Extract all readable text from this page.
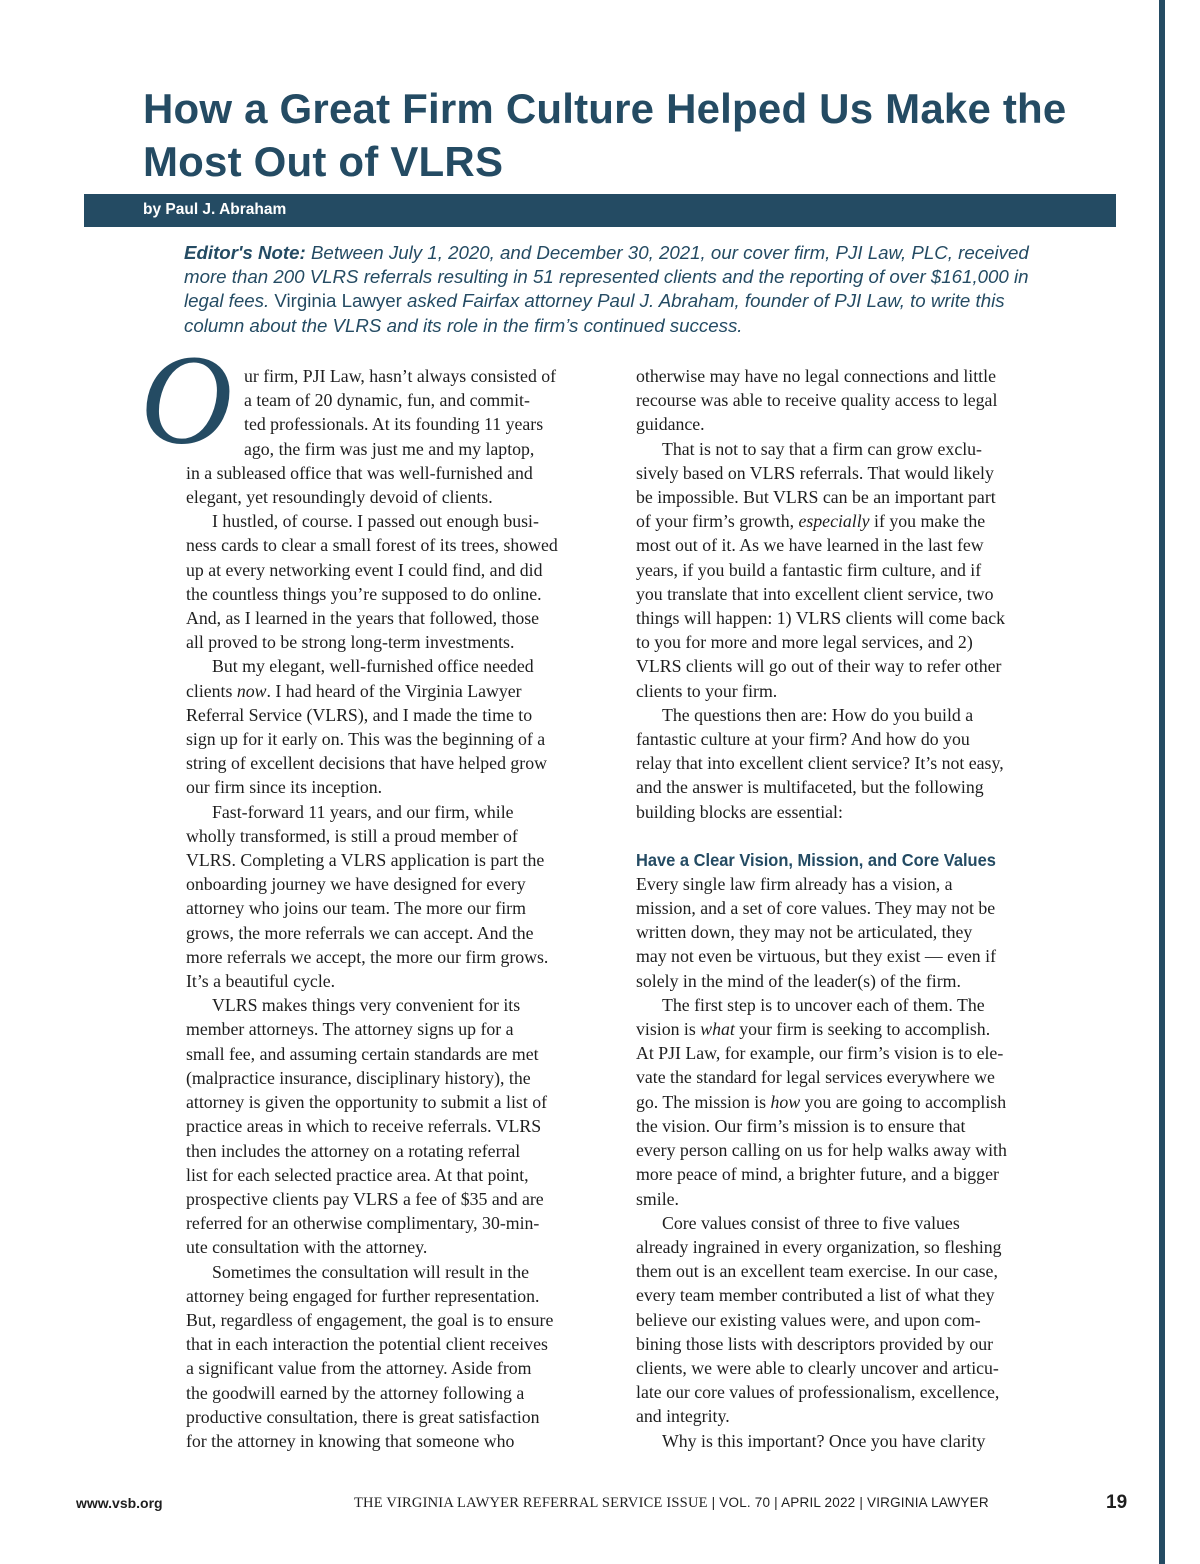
How a Great Firm Culture Helped Us Make the Most Out of VLRS
by Paul J. Abraham

Editor's Note: Between July 1, 2020, and December 30, 2021, our cover firm, PJI Law, PLC, received more than 200 VLRS referrals resulting in 51 represented clients and the reporting of over $161,000 in legal fees. Virginia Lawyer asked Fairfax attorney Paul J. Abraham, founder of PJI Law, to write this column about the VLRS and its role in the firm’s continued success.

O ur firm, PJI Law, hasn’t always consisted of
a team of 20 dynamic, fun, and commit-
ted professionals. At its founding 11 years
ago, the firm was just me and my laptop,
in a subleased office that was well-furnished and
elegant, yet resoundingly devoid of clients.

I hustled, of course. I passed out enough busi-

ness cards to clear a small forest of its trees, showed
up at every networking event I could find, and did
the countless things you’re supposed to do online.
And, as I learned in the years that followed, those
all proved to be strong long-term investments.

But my elegant, well-furnished office needed

clients now. I had heard of the Virginia Lawyer
Referral Service (VLRS), and I made the time to
sign up for it early on. This was the beginning of a
string of excellent decisions that have helped grow
our firm since its inception.

Fast-forward 11 years, and our firm, while

wholly transformed, is still a proud member of
VLRS. Completing a VLRS application is part the
onboarding journey we have designed for every
attorney who joins our team. The more our firm
grows, the more referrals we can accept. And the
more referrals we accept, the more our firm grows.
It’s a beautiful cycle.

VLRS makes things very convenient for its

member attorneys. The attorney signs up for a
small fee, and assuming certain standards are met
(malpractice insurance, disciplinary history), the
attorney is given the opportunity to submit a list of
practice areas in which to receive referrals. VLRS
then includes the attorney on a rotating referral
list for each selected practice area. At that point,
prospective clients pay VLRS a fee of $35 and are
referred for an otherwise complimentary, 30-min-
ute consultation with the attorney.

Sometimes the consultation will result in the

attorney being engaged for further representation.
But, regardless of engagement, the goal is to ensure
that in each interaction the potential client receives
a significant value from the attorney. Aside from
the goodwill earned by the attorney following a
productive consultation, there is great satisfaction
for the attorney in knowing that someone who

otherwise may have no legal connections and little
recourse was able to receive quality access to legal
guidance.

That is not to say that a firm can grow exclu-

sively based on VLRS referrals. That would likely
be impossible. But VLRS can be an important part
of your firm’s growth, especially if you make the
most out of it. As we have learned in the last few
years, if you build a fantastic firm culture, and if
you translate that into excellent client service, two
things will happen: 1) VLRS clients will come back
to you for more and more legal services, and 2)
VLRS clients will go out of their way to refer other
clients to your firm.

The questions then are: How do you build a

fantastic culture at your firm? And how do you
relay that into excellent client service? It’s not easy,
and the answer is multifaceted, but the following
building blocks are essential:

Have a Clear Vision, Mission, and Core Values

Every single law firm already has a vision, a
mission, and a set of core values. They may not be
written down, they may not be articulated, they
may not even be virtuous, but they exist — even if
solely in the mind of the leader(s) of the firm.

The first step is to uncover each of them. The

vision is what your firm is seeking to accomplish.
At PJI Law, for example, our firm’s vision is to ele-
vate the standard for legal services everywhere we
go. The mission is how you are going to accomplish
the vision. Our firm’s mission is to ensure that
every person calling on us for help walks away with
more peace of mind, a brighter future, and a bigger
smile.

Core values consist of three to five values

already ingrained in every organization, so fleshing
them out is an excellent team exercise. In our case,
every team member contributed a list of what they
believe our existing values were, and upon com-
bining those lists with descriptors provided by our
clients, we were able to clearly uncover and articu-
late our core values of professionalism, excellence,
and integrity.

Why is this important? Once you have clarity

www.vsb.org	THE VIRGINIA LAWYER REFERRAL SERVICE ISSUE | VOL. 70 | APRIL 2022 | VIRGINIA LAWYER	19
